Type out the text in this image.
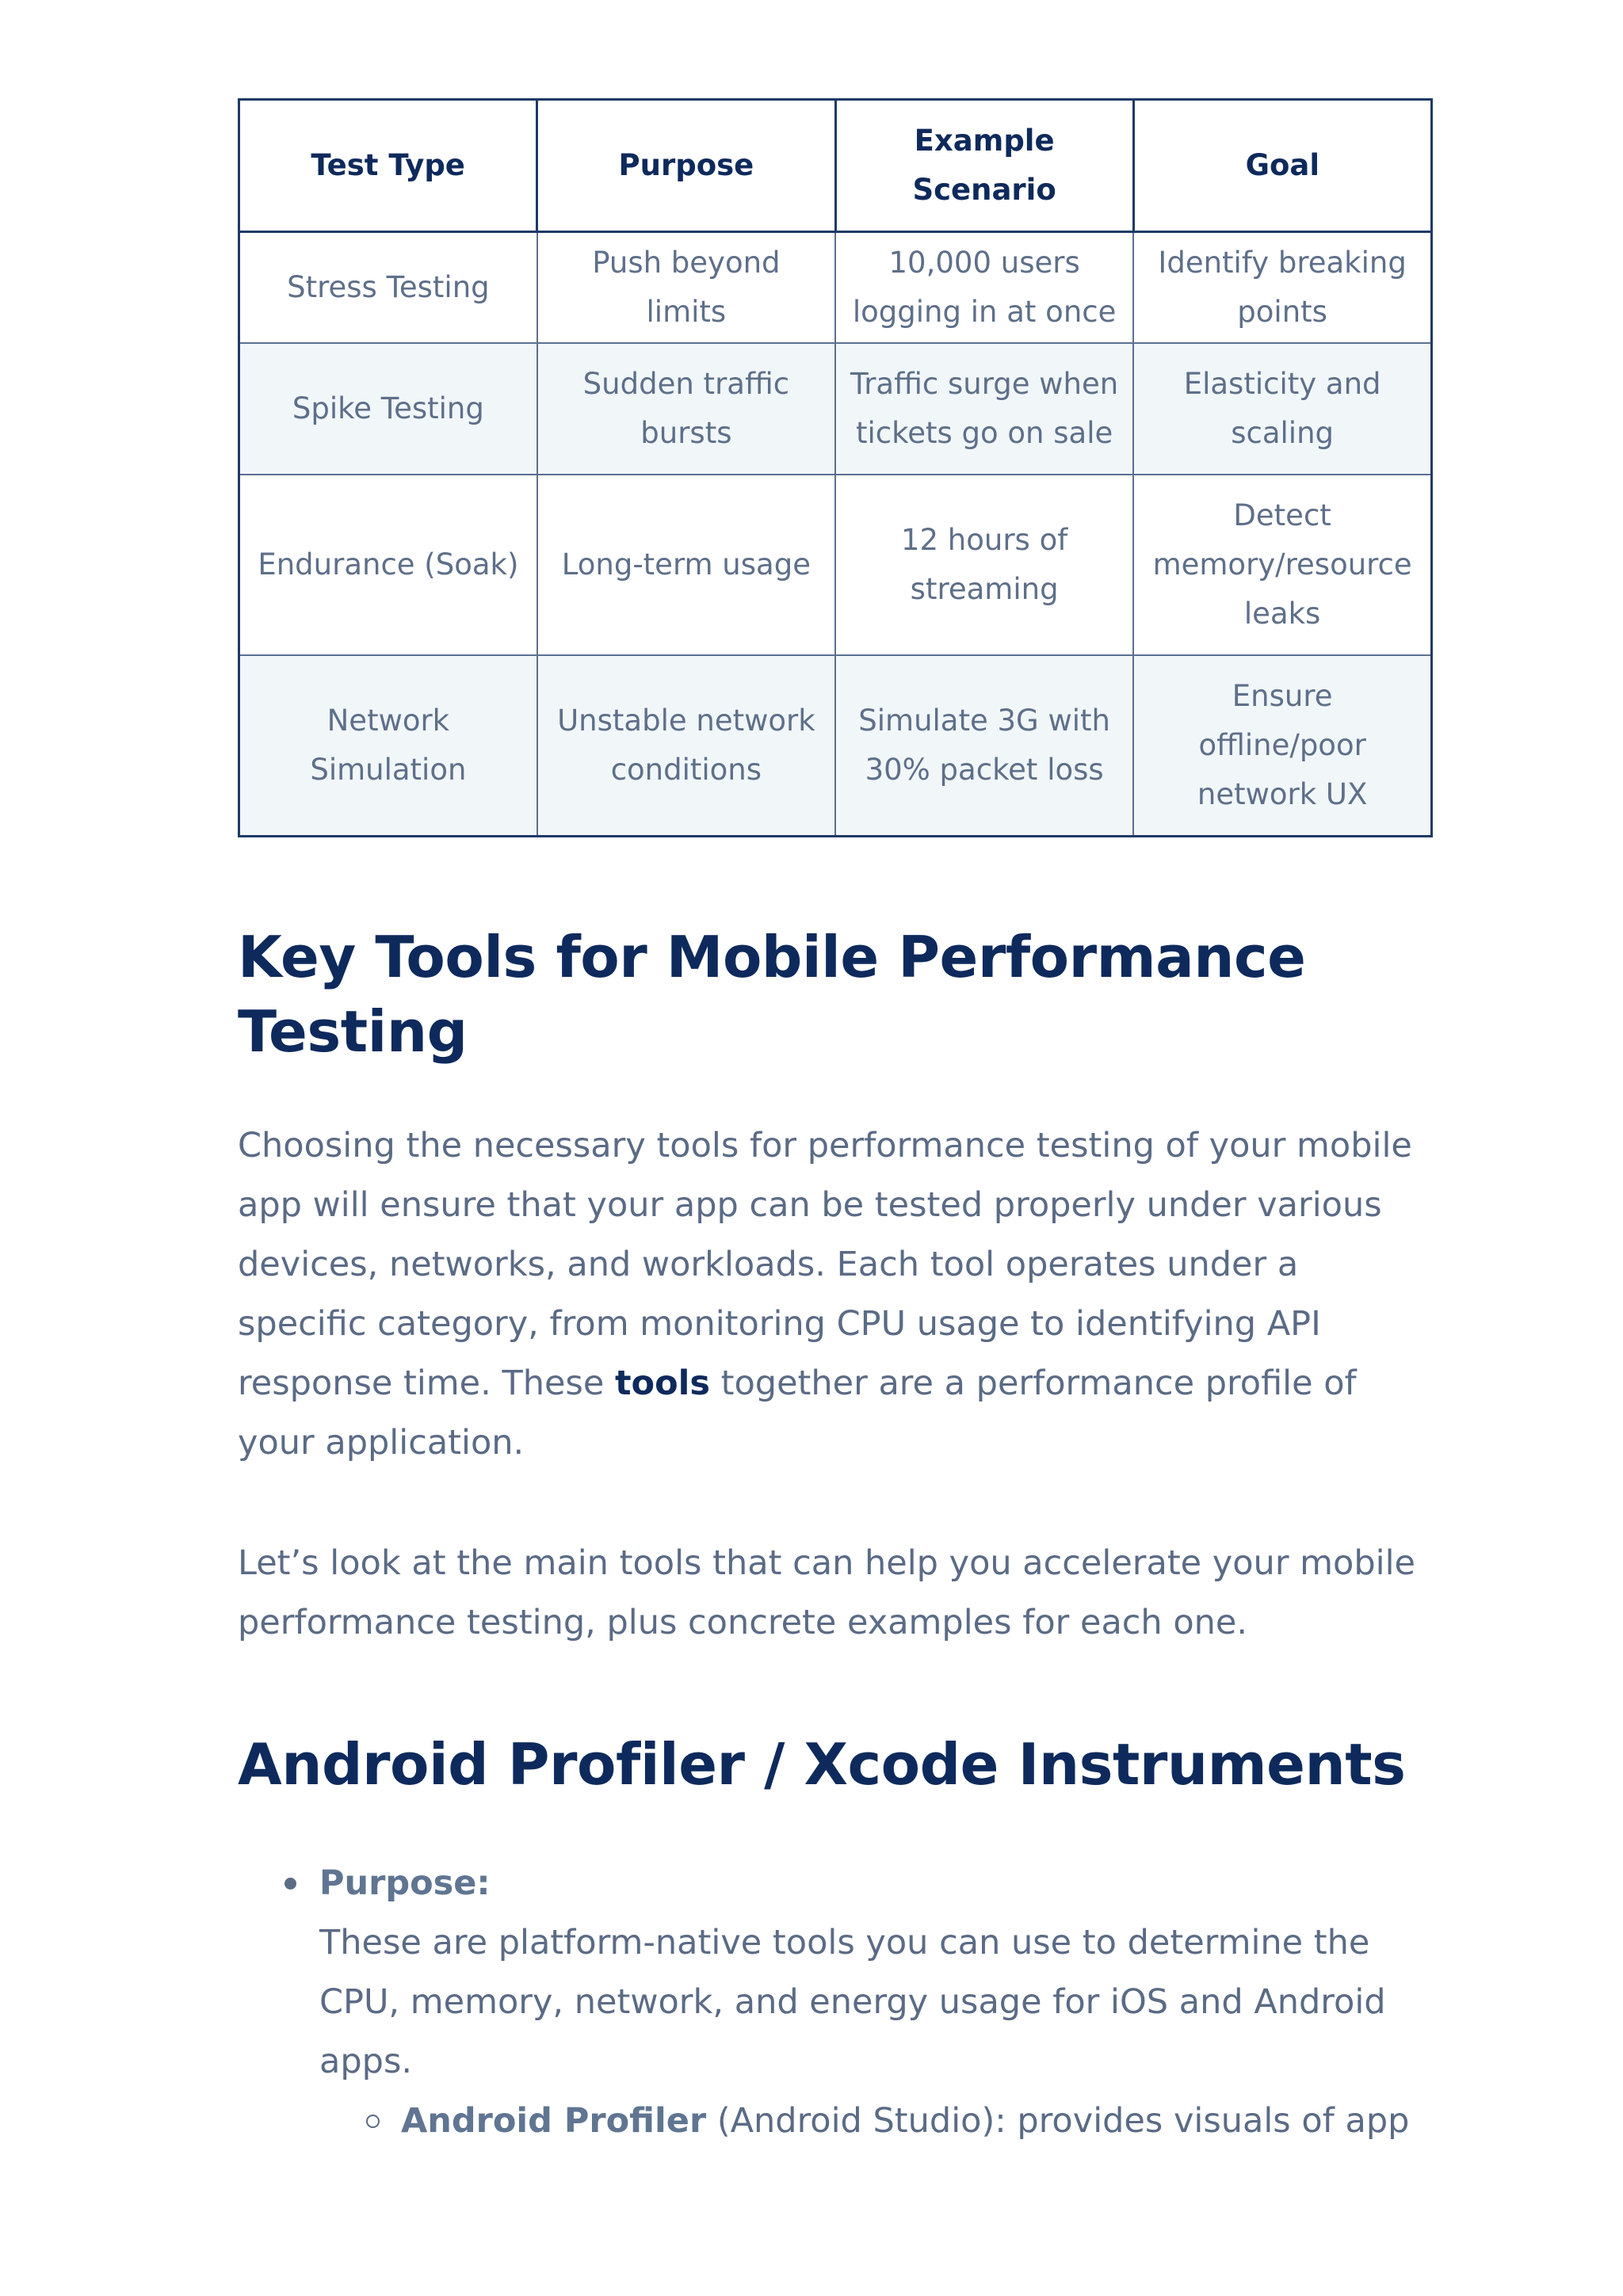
Test Type	Purpose	Example Scenario	Goal
Stress Testing	Push beyond limits	10,000 users logging in at once	Identify breaking points
Spike Testing	Sudden traffic bursts	Traffic surge when tickets go on sale	Elasticity and scaling
Endurance (Soak)	Long-term usage	12 hours of streaming	Detect memory/resource leaks
Network Simulation	Unstable network conditions	Simulate 3G with 30% packet loss	Ensure offline/poor network UX
Key Tools for Mobile Performance Testing

Choosing the necessary tools for performance testing of your mobile app will ensure that your app can be tested properly under various devices, networks, and workloads. Each tool operates under a specific category, from monitoring CPU usage to identifying API response time. These tools together are a performance profile of your application.

Let’s look at the main tools that can help you accelerate your mobile performance testing, plus concrete examples for each one.

Android Profiler / Xcode Instruments
Purpose:
These are platform-native tools you can use to determine the CPU, memory, network, and energy usage for iOS and Android apps.
Android Profiler (Android Studio): provides visuals of app
